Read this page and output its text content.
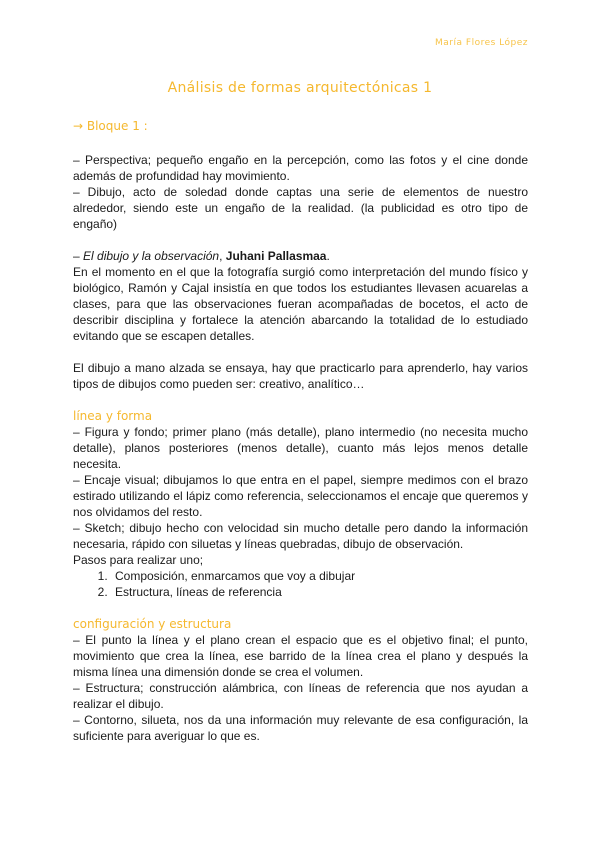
María Flores López
Análisis de formas arquitectónicas 1
→ Bloque 1 :

– Perspectiva; pequeño engaño en la percepción, como las fotos y el cine donde además de profundidad hay movimiento.

– Dibujo, acto de soledad donde captas una serie de elementos de nuestro alrededor, siendo este un engaño de la realidad. (la publicidad es otro tipo de engaño)

– El dibujo y la observación, Juhani Pallasmaa.

En el momento en el que la fotografía surgió como interpretación del mundo físico y biológico, Ramón y Cajal insistía en que todos los estudiantes llevasen acuarelas a clases, para que las observaciones fueran acompañadas de bocetos, el acto de describir disciplina y fortalece la atención abarcando la totalidad de lo estudiado evitando que se escapen detalles.

El dibujo a mano alzada se ensaya, hay que practicarlo para aprenderlo, hay varios tipos de dibujos como pueden ser: creativo, analítico…

línea y forma

– Figura y fondo; primer plano (más detalle), plano intermedio (no necesita mucho detalle), planos posteriores (menos detalle), cuanto más lejos menos detalle necesita.

– Encaje visual; dibujamos lo que entra en el papel, siempre medimos con el brazo estirado utilizando el lápiz como referencia, seleccionamos el encaje que queremos y nos olvidamos del resto.

– Sketch; dibujo hecho con velocidad sin mucho detalle pero dando la información necesaria, rápido con siluetas y líneas quebradas, dibujo de observación.

Pasos para realizar uno;

1. Composición, enmarcamos que voy a dibujar
2. Estructura, líneas de referencia
configuración y estructura

– El punto la línea y el plano crean el espacio que es el objetivo final; el punto, movimiento que crea la línea, ese barrido de la línea crea el plano y después la misma línea una dimensión donde se crea el volumen.

– Estructura; construcción alámbrica, con líneas de referencia que nos ayudan a realizar el dibujo.

– Contorno, silueta, nos da una información muy relevante de esa configuración, la suficiente para averiguar lo que es.
